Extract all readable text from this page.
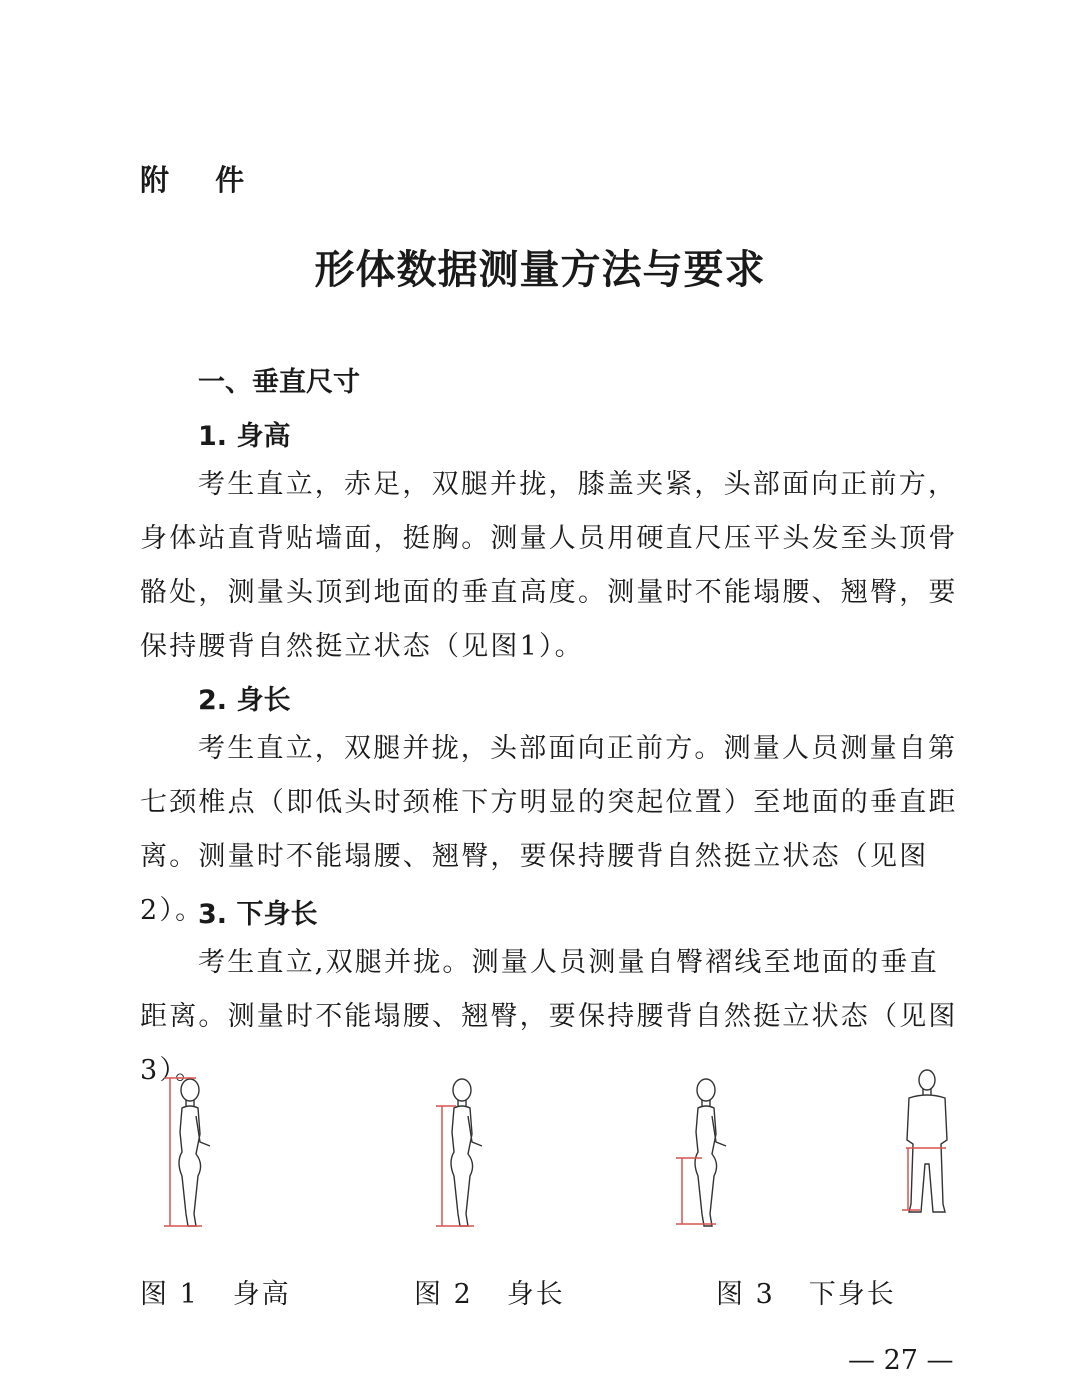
附 件
形体数据测量方法与要求
一、垂直尺寸
1. 身高

考生直立，赤足，双腿并拢，膝盖夹紧，头部面向正前方，身体站直背贴墙面，挺胸。测量人员用硬直尺压平头发至头顶骨骼处，测量头顶到地面的垂直高度。测量时不能塌腰、翘臀，要保持腰背自然挺立状态（见图1）。

2. 身长

考生直立，双腿并拢，头部面向正前方。测量人员测量自第七颈椎点（即低头时颈椎下方明显的突起位置）至地面的垂直距离。测量时不能塌腰、翘臀，要保持腰背自然挺立状态（见图2）。

3. 下身长

考生直立,双腿并拢。测量人员测量自臀褶线至地面的垂直距离。测量时不能塌腰、翘臀，要保持腰背自然挺立状态（见图3）。

图 1 身高	图 2 身长	图 3 下身长
— 27 —
